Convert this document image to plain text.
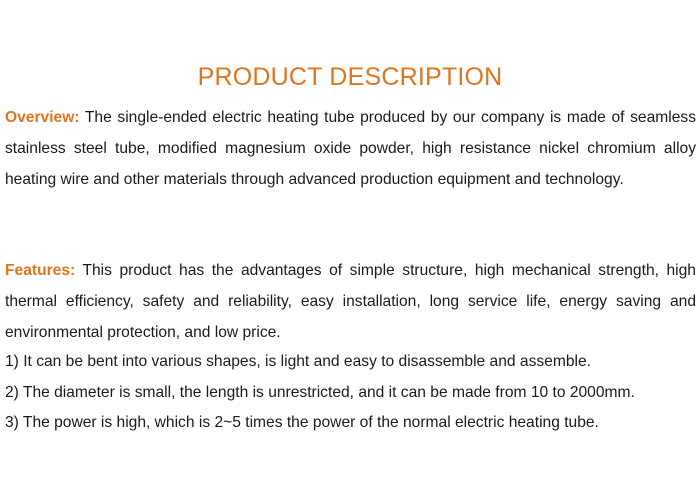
PRODUCT DESCRIPTION
Overview: The single-ended electric heating tube produced by our company is made of seamless stainless steel tube, modified magnesium oxide powder, high resistance nickel chromium alloy heating wire and other materials through advanced production equipment and technology.
Features: This product has the advantages of simple structure, high mechanical strength, high thermal efficiency, safety and reliability, easy installation, long service life, energy saving and environmental protection, and low price.
1) It can be bent into various shapes, is light and easy to disassemble and assemble.
2) The diameter is small, the length is unrestricted, and it can be made from 10 to 2000mm.
3) The power is high, which is 2~5 times the power of the normal electric heating tube.
